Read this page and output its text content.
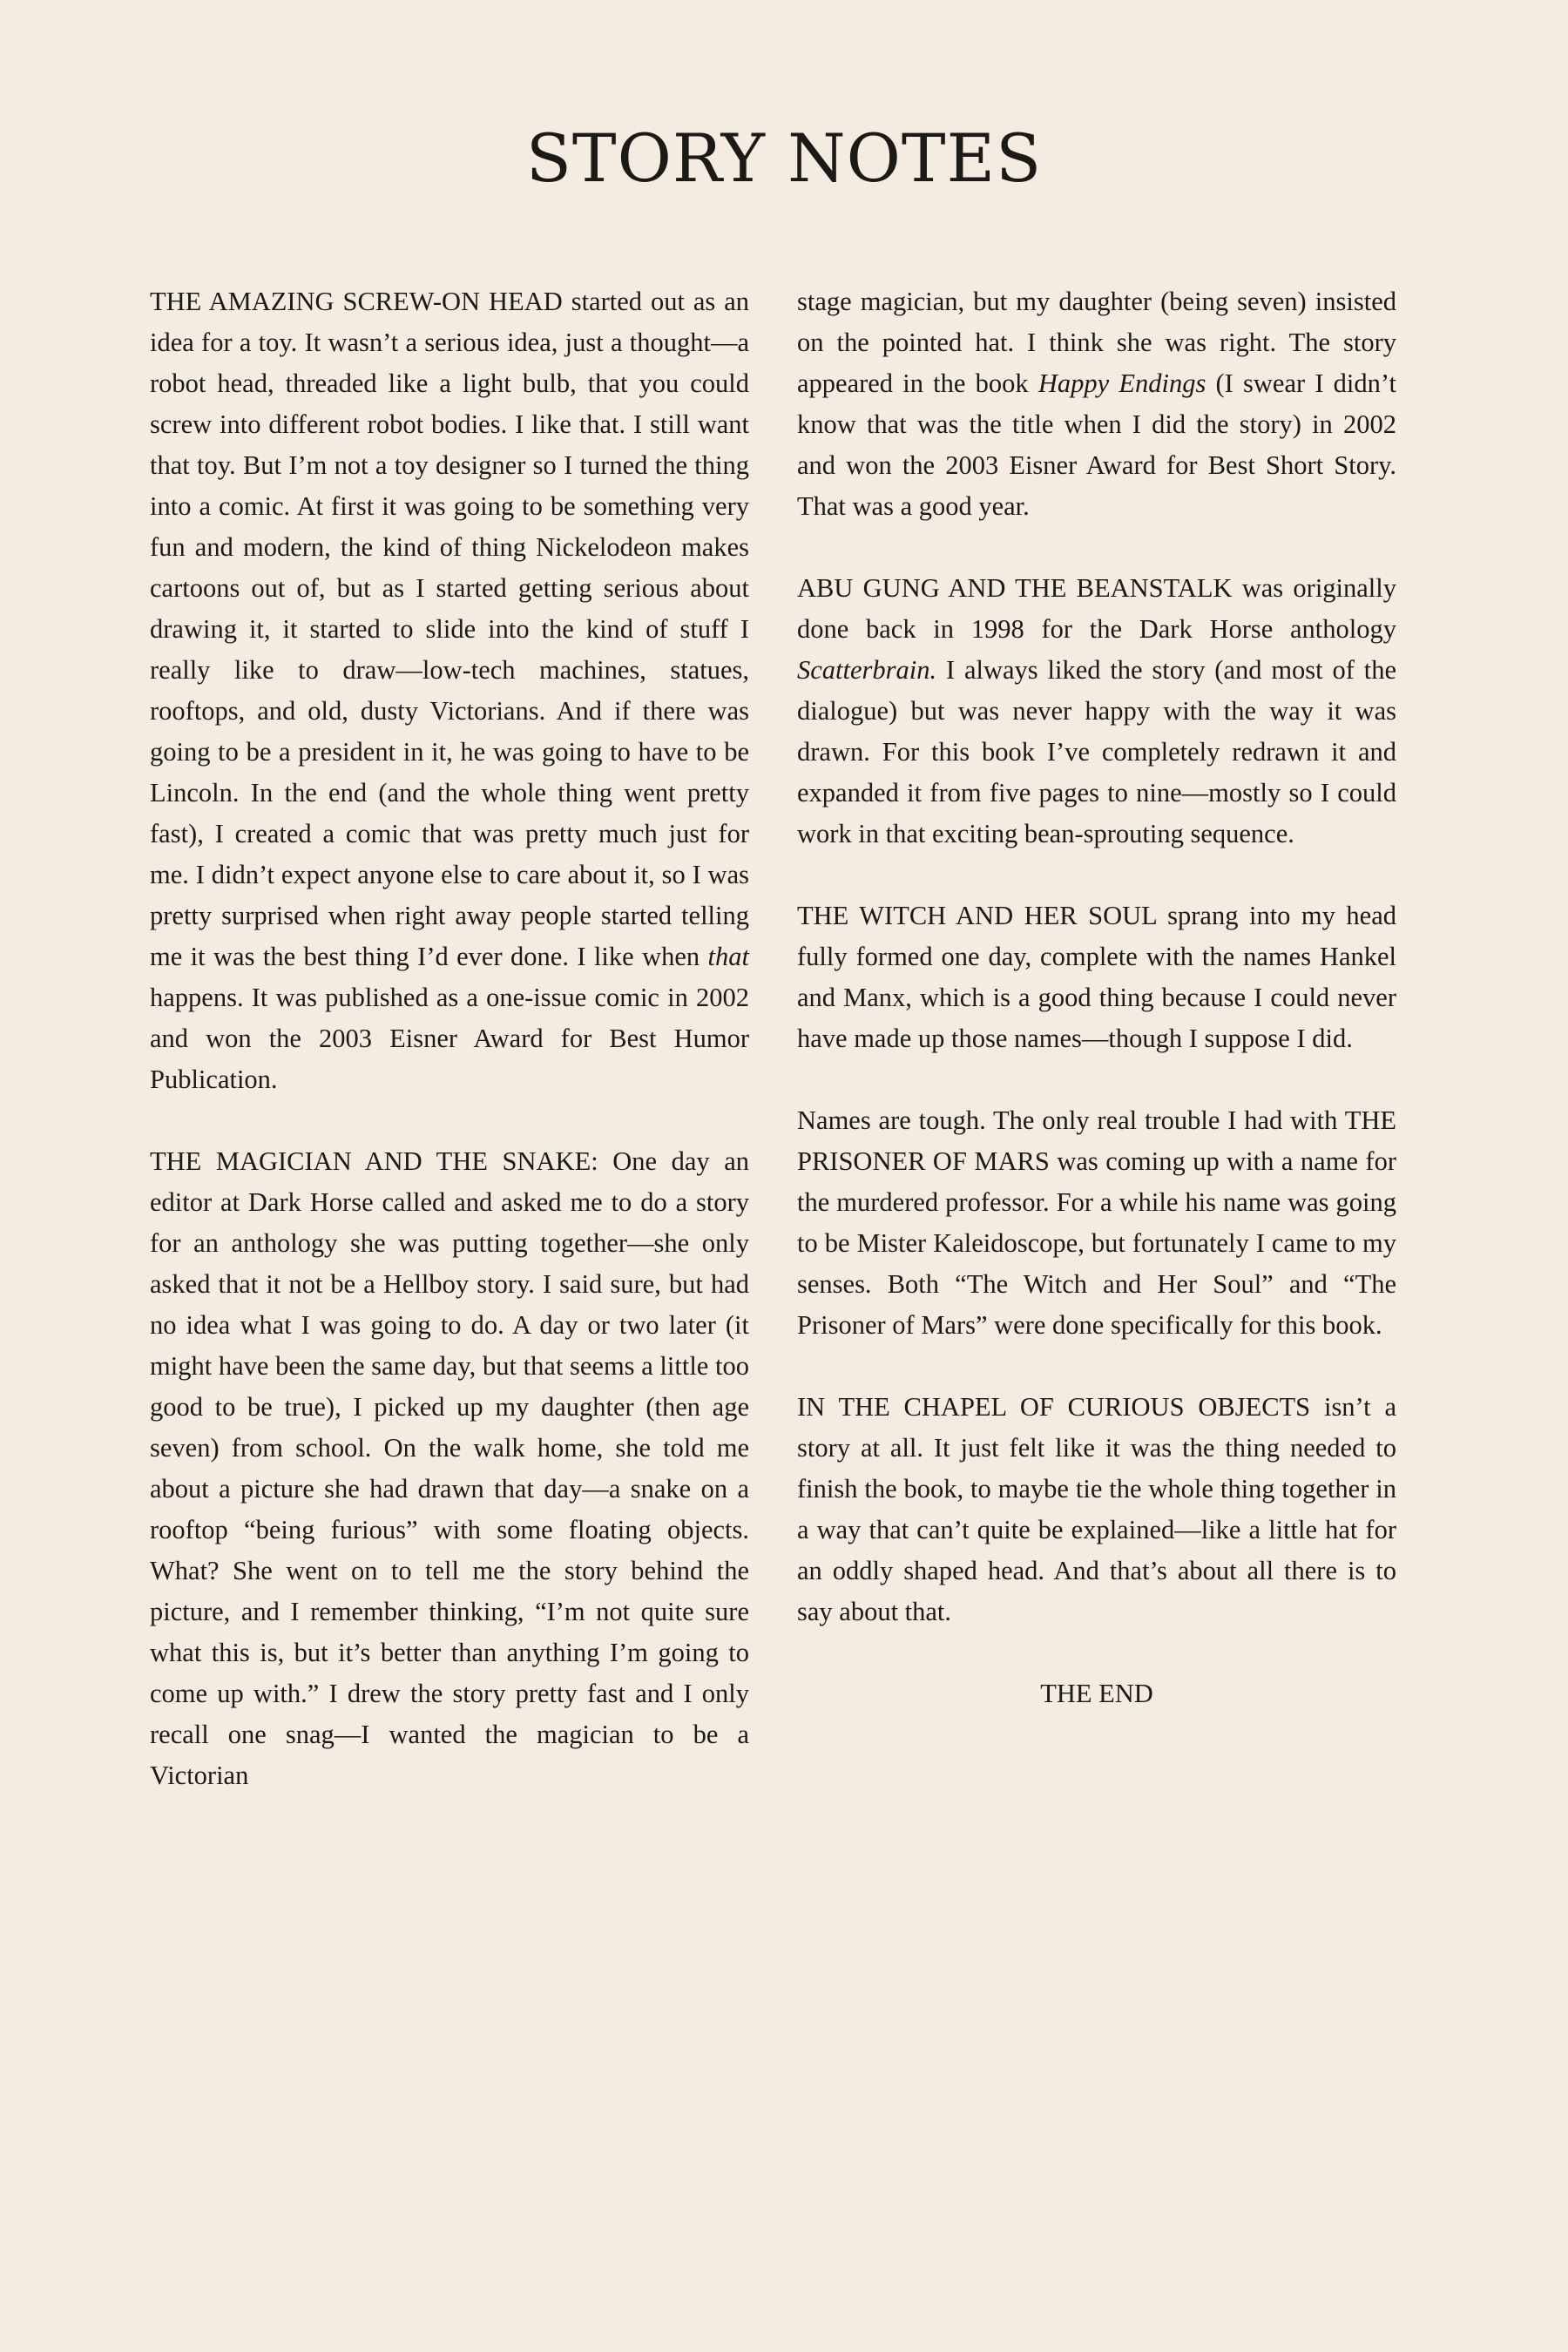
STORY NOTES

THE AMAZING SCREW-ON HEAD started out as an idea for a toy. It wasn’t a serious idea, just a thought—a robot head, threaded like a light bulb, that you could screw into different robot bodies. I like that. I still want that toy. But I’m not a toy designer so I turned the thing into a comic. At first it was going to be something very fun and modern, the kind of thing Nickelodeon makes cartoons out of, but as I started getting serious about drawing it, it started to slide into the kind of stuff I really like to draw—low-tech machines, statues, rooftops, and old, dusty Victorians. And if there was going to be a president in it, he was going to have to be Lincoln. In the end (and the whole thing went pretty fast), I created a comic that was pretty much just for me. I didn’t expect anyone else to care about it, so I was pretty surprised when right away people started telling me it was the best thing I’d ever done. I like when that happens. It was published as a one-issue comic in 2002 and won the 2003 Eisner Award for Best Humor Publication.

THE MAGICIAN AND THE SNAKE: One day an editor at Dark Horse called and asked me to do a story for an anthology she was putting together—she only asked that it not be a Hellboy story. I said sure, but had no idea what I was going to do. A day or two later (it might have been the same day, but that seems a little too good to be true), I picked up my daughter (then age seven) from school. On the walk home, she told me about a picture she had drawn that day—a snake on a rooftop “being furious” with some floating objects. What? She went on to tell me the story behind the picture, and I remember thinking, “I’m not quite sure what this is, but it’s better than anything I’m going to come up with.” I drew the story pretty fast and I only recall one snag—I wanted the magician to be a Victorian

stage magician, but my daughter (being seven) insisted on the pointed hat. I think she was right. The story appeared in the book Happy Endings (I swear I didn’t know that was the title when I did the story) in 2002 and won the 2003 Eisner Award for Best Short Story. That was a good year.

ABU GUNG AND THE BEANSTALK was originally done back in 1998 for the Dark Horse anthology Scatterbrain. I always liked the story (and most of the dialogue) but was never happy with the way it was drawn. For this book I’ve completely redrawn it and expanded it from five pages to nine—mostly so I could work in that exciting bean-sprouting sequence.

THE WITCH AND HER SOUL sprang into my head fully formed one day, complete with the names Hankel and Manx, which is a good thing because I could never have made up those names—though I suppose I did.

Names are tough. The only real trouble I had with THE PRISONER OF MARS was coming up with a name for the murdered professor. For a while his name was going to be Mister Kaleidoscope, but fortunately I came to my senses. Both “The Witch and Her Soul” and “The Prisoner of Mars” were done specifically for this book.

IN THE CHAPEL OF CURIOUS OBJECTS isn’t a story at all. It just felt like it was the thing needed to finish the book, to maybe tie the whole thing together in a way that can’t quite be explained—like a little hat for an oddly shaped head. And that’s about all there is to say about that.

THE END
